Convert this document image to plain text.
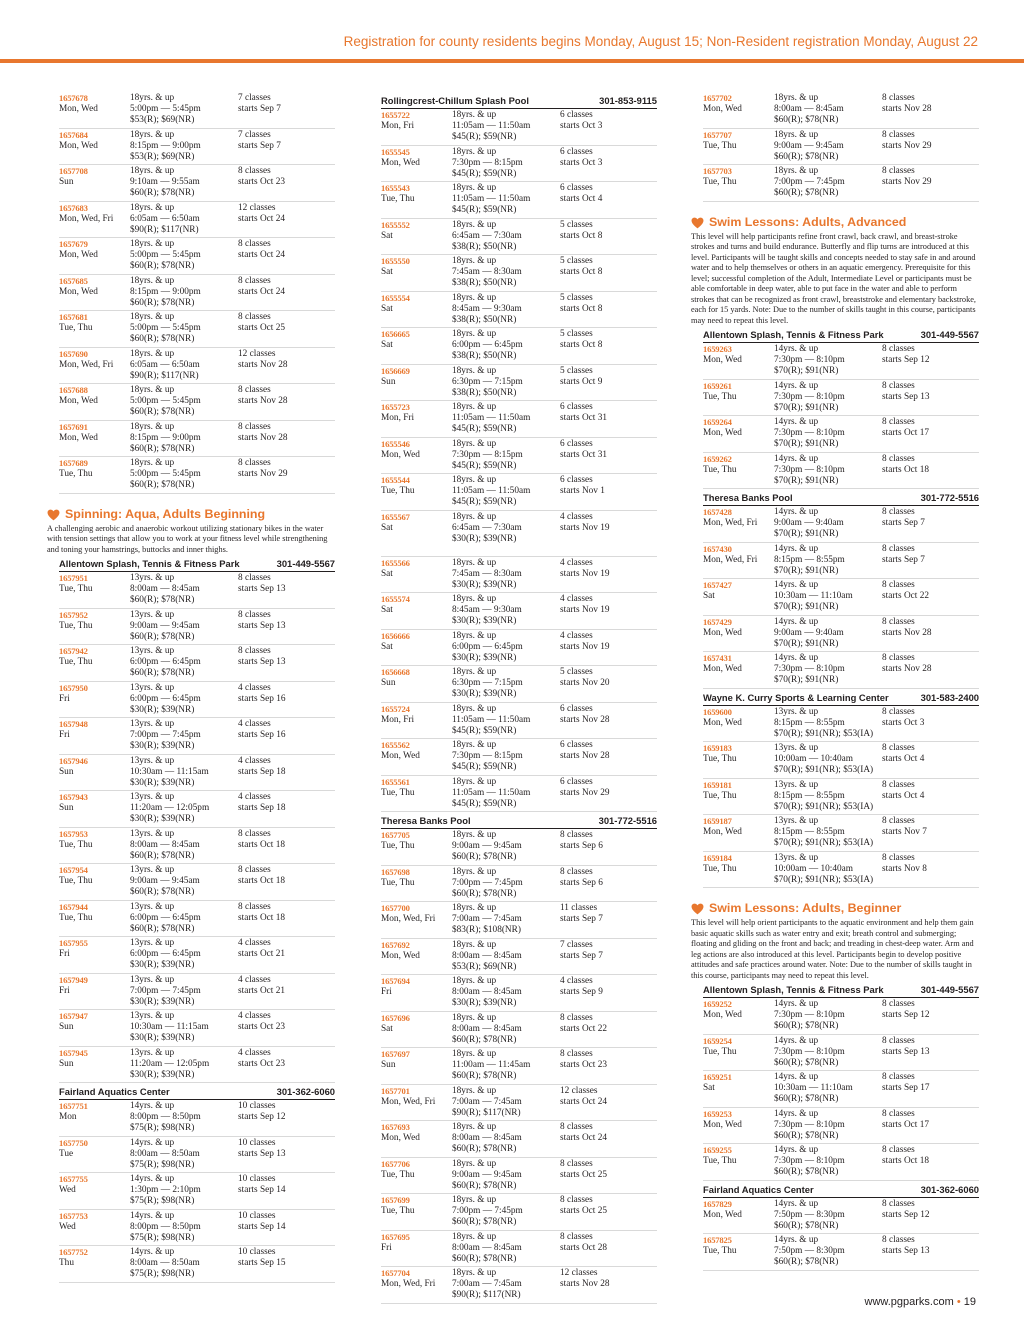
Registration for county residents begins Monday, August 15; Non-Resident registration Monday, August 22
1657678
Mon, Wed
18yrs. & up
5:00pm — 5:45pm
$53(R); $69(NR)
7 classes
starts Sep 7
1657684
Mon, Wed
18yrs. & up
8:15pm — 9:00pm
$53(R); $69(NR)
7 classes
starts Sep 7
1657708
Sun
18yrs. & up
9:10am — 9:55am
$60(R); $78(NR)
8 classes
starts Oct 23
1657683
Mon, Wed, Fri
18yrs. & up
6:05am — 6:50am
$90(R); $117(NR)
12 classes
starts Oct 24
1657679
Mon, Wed
18yrs. & up
5:00pm — 5:45pm
$60(R); $78(NR)
8 classes
starts Oct 24
1657685
Mon, Wed
18yrs. & up
8:15pm — 9:00pm
$60(R); $78(NR)
8 classes
starts Oct 24
1657681
Tue, Thu
18yrs. & up
5:00pm — 5:45pm
$60(R); $78(NR)
8 classes
starts Oct 25
1657690
Mon, Wed, Fri
18yrs. & up
6:05am — 6:50am
$90(R); $117(NR)
12 classes
starts Nov 28
1657688
Mon, Wed
18yrs. & up
5:00pm — 5:45pm
$60(R); $78(NR)
8 classes
starts Nov 28
1657691
Mon, Wed
18yrs. & up
8:15pm — 9:00pm
$60(R); $78(NR)
8 classes
starts Nov 28
1657689
Tue, Thu
18yrs. & up
5:00pm — 5:45pm
$60(R); $78(NR)
8 classes
starts Nov 29
Spinning: Aqua, Adults Beginning
A challenging aerobic and anaerobic workout utilizing stationary bikes in the water with tension settings that allow you to work at your fitness level while strengthening and toning your hamstrings, buttocks and inner thighs.
Allentown Splash, Tennis & Fitness Park	301-449-5567
1657951
Tue, Thu
13yrs. & up
8:00am — 8:45am
$60(R); $78(NR)
8 classes
starts Sep 13
1657952
Tue, Thu
13yrs. & up
9:00am — 9:45am
$60(R); $78(NR)
8 classes
starts Sep 13
1657942
Tue, Thu
13yrs. & up
6:00pm — 6:45pm
$60(R); $78(NR)
8 classes
starts Sep 13
1657950
Fri
13yrs. & up
6:00pm — 6:45pm
$30(R); $39(NR)
4 classes
starts Sep 16
1657948
Fri
13yrs. & up
7:00pm — 7:45pm
$30(R); $39(NR)
4 classes
starts Sep 16
1657946
Sun
13yrs. & up
10:30am — 11:15am
$30(R); $39(NR)
4 classes
starts Sep 18
1657943
Sun
13yrs. & up
11:20am — 12:05pm
$30(R); $39(NR)
4 classes
starts Sep 18
1657953
Tue, Thu
13yrs. & up
8:00am — 8:45am
$60(R); $78(NR)
8 classes
starts Oct 18
1657954
Tue, Thu
13yrs. & up
9:00am — 9:45am
$60(R); $78(NR)
8 classes
starts Oct 18
1657944
Tue, Thu
13yrs. & up
6:00pm — 6:45pm
$60(R); $78(NR)
8 classes
starts Oct 18
1657955
Fri
13yrs. & up
6:00pm — 6:45pm
$30(R); $39(NR)
4 classes
starts Oct 21
1657949
Fri
13yrs. & up
7:00pm — 7:45pm
$30(R); $39(NR)
4 classes
starts Oct 21
1657947
Sun
13yrs. & up
10:30am — 11:15am
$30(R); $39(NR)
4 classes
starts Oct 23
1657945
Sun
13yrs. & up
11:20am — 12:05pm
$30(R); $39(NR)
4 classes
starts Oct 23
Fairland Aquatics Center	301-362-6060
1657751
Mon
14yrs. & up
8:00pm — 8:50pm
$75(R); $98(NR)
10 classes
starts Sep 12
1657750
Tue
14yrs. & up
8:00am — 8:50am
$75(R); $98(NR)
10 classes
starts Sep 13
1657755
Wed
14yrs. & up
1:30pm — 2:10pm
$75(R); $98(NR)
10 classes
starts Sep 14
1657753
Wed
14yrs. & up
8:00pm — 8:50pm
$75(R); $98(NR)
10 classes
starts Sep 14
1657752
Thu
14yrs. & up
8:00am — 8:50am
$75(R); $98(NR)
10 classes
starts Sep 15
Rollingcrest-Chillum Splash Pool	301-853-9115
1655722
Mon, Fri
18yrs. & up
11:05am — 11:50am
$45(R); $59(NR)
6 classes
starts Oct 3
1655545
Mon, Wed
18yrs. & up
7:30pm — 8:15pm
$45(R); $59(NR)
6 classes
starts Oct 3
1655543
Tue, Thu
18yrs. & up
11:05am — 11:50am
$45(R); $59(NR)
6 classes
starts Oct 4
1655552
Sat
18yrs. & up
6:45am — 7:30am
$38(R); $50(NR)
5 classes
starts Oct 8
1655550
Sat
18yrs. & up
7:45am — 8:30am
$38(R); $50(NR)
5 classes
starts Oct 8
1655554
Sat
18yrs. & up
8:45am — 9:30am
$38(R); $50(NR)
5 classes
starts Oct 8
1656665
Sat
18yrs. & up
6:00pm — 6:45pm
$38(R); $50(NR)
5 classes
starts Oct 8
1656669
Sun
18yrs. & up
6:30pm — 7:15pm
$38(R); $50(NR)
5 classes
starts Oct 9
1655723
Mon, Fri
18yrs. & up
11:05am — 11:50am
$45(R); $59(NR)
6 classes
starts Oct 31
1655546
Mon, Wed
18yrs. & up
7:30pm — 8:15pm
$45(R); $59(NR)
6 classes
starts Oct 31
1655544
Tue, Thu
18yrs. & up
11:05am — 11:50am
$45(R); $59(NR)
6 classes
starts Nov 1
1655567
Sat
18yrs. & up
6:45am — 7:30am
$30(R); $39(NR)
4 classes
starts Nov 19
1655566
Sat
18yrs. & up
7:45am — 8:30am
$30(R); $39(NR)
4 classes
starts Nov 19
1655574
Sat
18yrs. & up
8:45am — 9:30am
$30(R); $39(NR)
4 classes
starts Nov 19
1656666
Sat
18yrs. & up
6:00pm — 6:45pm
$30(R); $39(NR)
4 classes
starts Nov 19
1656668
Sun
18yrs. & up
6:30pm — 7:15pm
$30(R); $39(NR)
5 classes
starts Nov 20
1655724
Mon, Fri
18yrs. & up
11:05am — 11:50am
$45(R); $59(NR)
6 classes
starts Nov 28
1655562
Mon, Wed
18yrs. & up
7:30pm — 8:15pm
$45(R); $59(NR)
6 classes
starts Nov 28
1655561
Tue, Thu
18yrs. & up
11:05am — 11:50am
$45(R); $59(NR)
6 classes
starts Nov 29
Theresa Banks Pool	301-772-5516
1657705
Tue, Thu
18yrs. & up
9:00am — 9:45am
$60(R); $78(NR)
8 classes
starts Sep 6
1657698
Tue, Thu
18yrs. & up
7:00pm — 7:45pm
$60(R); $78(NR)
8 classes
starts Sep 6
1657700
Mon, Wed, Fri
18yrs. & up
7:00am — 7:45am
$83(R); $108(NR)
11 classes
starts Sep 7
1657692
Mon, Wed
18yrs. & up
8:00am — 8:45am
$53(R); $69(NR)
7 classes
starts Sep 7
1657694
Fri
18yrs. & up
8:00am — 8:45am
$30(R); $39(NR)
4 classes
starts Sep 9
1657696
Sat
18yrs. & up
8:00am — 8:45am
$60(R); $78(NR)
8 classes
starts Oct 22
1657697
Sun
18yrs. & up
11:00am — 11:45am
$60(R); $78(NR)
8 classes
starts Oct 23
1657701
Mon, Wed, Fri
18yrs. & up
7:00am — 7:45am
$90(R); $117(NR)
12 classes
starts Oct 24
1657693
Mon, Wed
18yrs. & up
8:00am — 8:45am
$60(R); $78(NR)
8 classes
starts Oct 24
1657706
Tue, Thu
18yrs. & up
9:00am — 9:45am
$60(R); $78(NR)
8 classes
starts Oct 25
1657699
Tue, Thu
18yrs. & up
7:00pm — 7:45pm
$60(R); $78(NR)
8 classes
starts Oct 25
1657695
Fri
18yrs. & up
8:00am — 8:45am
$60(R); $78(NR)
8 classes
starts Oct 28
1657704
Mon, Wed, Fri
18yrs. & up
7:00am — 7:45am
$90(R); $117(NR)
12 classes
starts Nov 28
1657702
Mon, Wed
18yrs. & up
8:00am — 8:45am
$60(R); $78(NR)
8 classes
starts Nov 28
1657707
Tue, Thu
18yrs. & up
9:00am — 9:45am
$60(R); $78(NR)
8 classes
starts Nov 29
1657703
Tue, Thu
18yrs. & up
7:00pm — 7:45pm
$60(R); $78(NR)
8 classes
starts Nov 29
Swim Lessons: Adults, Advanced
This level will help participants refine front crawl, back crawl, and breast-stroke strokes and turns and build endurance. Butterfly and flip turns are introduced at this level. Participants will be taught skills and concepts needed to stay safe in and around water and to help themselves or others in an aquatic emergency. Prerequisite for this level; successful completion of the Adult, Intermediate Level or participants must be able comfortable in deep water, able to put face in the water and able to perform strokes that can be recognized as front crawl, breaststroke and elementary backstroke, each for 15 yards. Note: Due to the number of skills taught in this course, participants may need to repeat this level.
Allentown Splash, Tennis & Fitness Park	301-449-5567
1659263
Mon, Wed
14yrs. & up
7:30pm — 8:10pm
$70(R); $91(NR)
8 classes
starts Sep 12
1659261
Tue, Thu
14yrs. & up
7:30pm — 8:10pm
$70(R); $91(NR)
8 classes
starts Sep 13
1659264
Mon, Wed
14yrs. & up
7:30pm — 8:10pm
$70(R); $91(NR)
8 classes
starts Oct 17
1659262
Tue, Thu
14yrs. & up
7:30pm — 8:10pm
$70(R); $91(NR)
8 classes
starts Oct 18
Theresa Banks Pool	301-772-5516
1657428
Mon, Wed, Fri
14yrs. & up
9:00am — 9:40am
$70(R); $91(NR)
8 classes
starts Sep 7
1657430
Mon, Wed, Fri
14yrs. & up
8:15pm — 8:55pm
$70(R); $91(NR)
8 classes
starts Sep 7
1657427
Sat
14yrs. & up
10:30am — 11:10am
$70(R); $91(NR)
8 classes
starts Oct 22
1657429
Mon, Wed
14yrs. & up
9:00am — 9:40am
$70(R); $91(NR)
8 classes
starts Nov 28
1657431
Mon, Wed
14yrs. & up
7:30pm — 8:10pm
$70(R); $91(NR)
8 classes
starts Nov 28
Wayne K. Curry Sports & Learning Center	301-583-2400
1659600
Mon, Wed
13yrs. & up
8:15pm — 8:55pm
$70(R); $91(NR); $53(IA)
8 classes
starts Oct 3
1659183
Tue, Thu
13yrs. & up
10:00am — 10:40am
$70(R); $91(NR); $53(IA)
8 classes
starts Oct 4
1659181
Tue, Thu
13yrs. & up
8:15pm — 8:55pm
$70(R); $91(NR); $53(IA)
8 classes
starts Oct 4
1659187
Mon, Wed
13yrs. & up
8:15pm — 8:55pm
$70(R); $91(NR); $53(IA)
8 classes
starts Nov 7
1659184
Tue, Thu
13yrs. & up
10:00am — 10:40am
$70(R); $91(NR); $53(IA)
8 classes
starts Nov 8
Swim Lessons: Adults, Beginner
This level will help orient participants to the aquatic environment and help them gain basic aquatic skills such as water entry and exit; breath control and submerging; floating and gliding on the front and back; and treading in chest-deep water. Arm and leg actions are also introduced at this level. Participants begin to develop positive attitudes and safe practices around water. Note: Due to the number of skills taught in this course, participants may need to repeat this level.
Allentown Splash, Tennis & Fitness Park	301-449-5567
1659252
Mon, Wed
14yrs. & up
7:30pm — 8:10pm
$60(R); $78(NR)
8 classes
starts Sep 12
1659254
Tue, Thu
14yrs. & up
7:30pm — 8:10pm
$60(R); $78(NR)
8 classes
starts Sep 13
1659251
Sat
14yrs. & up
10:30am — 11:10am
$60(R); $78(NR)
8 classes
starts Sep 17
1659253
Mon, Wed
14yrs. & up
7:30pm — 8:10pm
$60(R); $78(NR)
8 classes
starts Oct 17
1659255
Tue, Thu
14yrs. & up
7:30pm — 8:10pm
$60(R); $78(NR)
8 classes
starts Oct 18
Fairland Aquatics Center	301-362-6060
1657829
Mon, Wed
14yrs. & up
7:50pm — 8:30pm
$60(R); $78(NR)
8 classes
starts Sep 12
1657825
Tue, Thu
14yrs. & up
7:50pm — 8:30pm
$60(R); $78(NR)
8 classes
starts Sep 13
www.pgparks.com • 19
